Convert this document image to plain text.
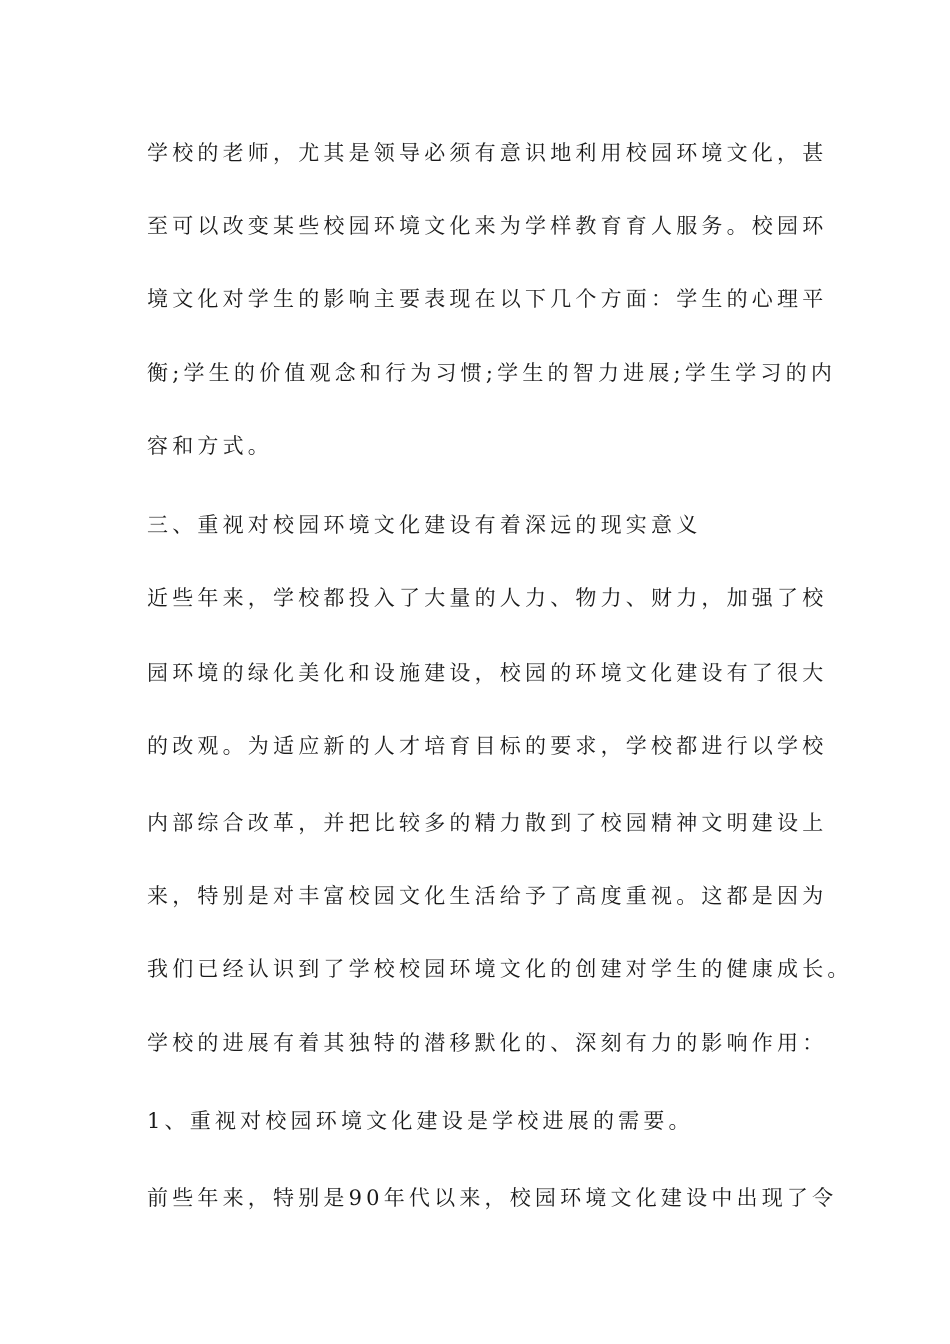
学校的老师，尤其是领导必须有意识地利用校园环境文化，甚
至可以改变某些校园环境文化来为学样教育育人服务。校园环
境文化对学生的影响主要表现在以下几个方面：学生的心理平
衡;学生的价值观念和行为习惯;学生的智力进展;学生学习的内
容和方式。
三、重视对校园环境文化建设有着深远的现实意义
近些年来，学校都投入了大量的人力、物力、财力，加强了校
园环境的绿化美化和设施建设，校园的环境文化建设有了很大
的改观。为适应新的人才培育目标的要求，学校都进行以学校
内部综合改革，并把比较多的精力散到了校园精神文明建设上
来，特别是对丰富校园文化生活给予了高度重视。这都是因为
我们已经认识到了学校校园环境文化的创建对学生的健康成长。
学校的进展有着其独特的潜移默化的、深刻有力的影响作用：
1、重视对校园环境文化建设是学校进展的需要。
前些年来，特别是90年代以来，校园环境文化建设中出现了令
